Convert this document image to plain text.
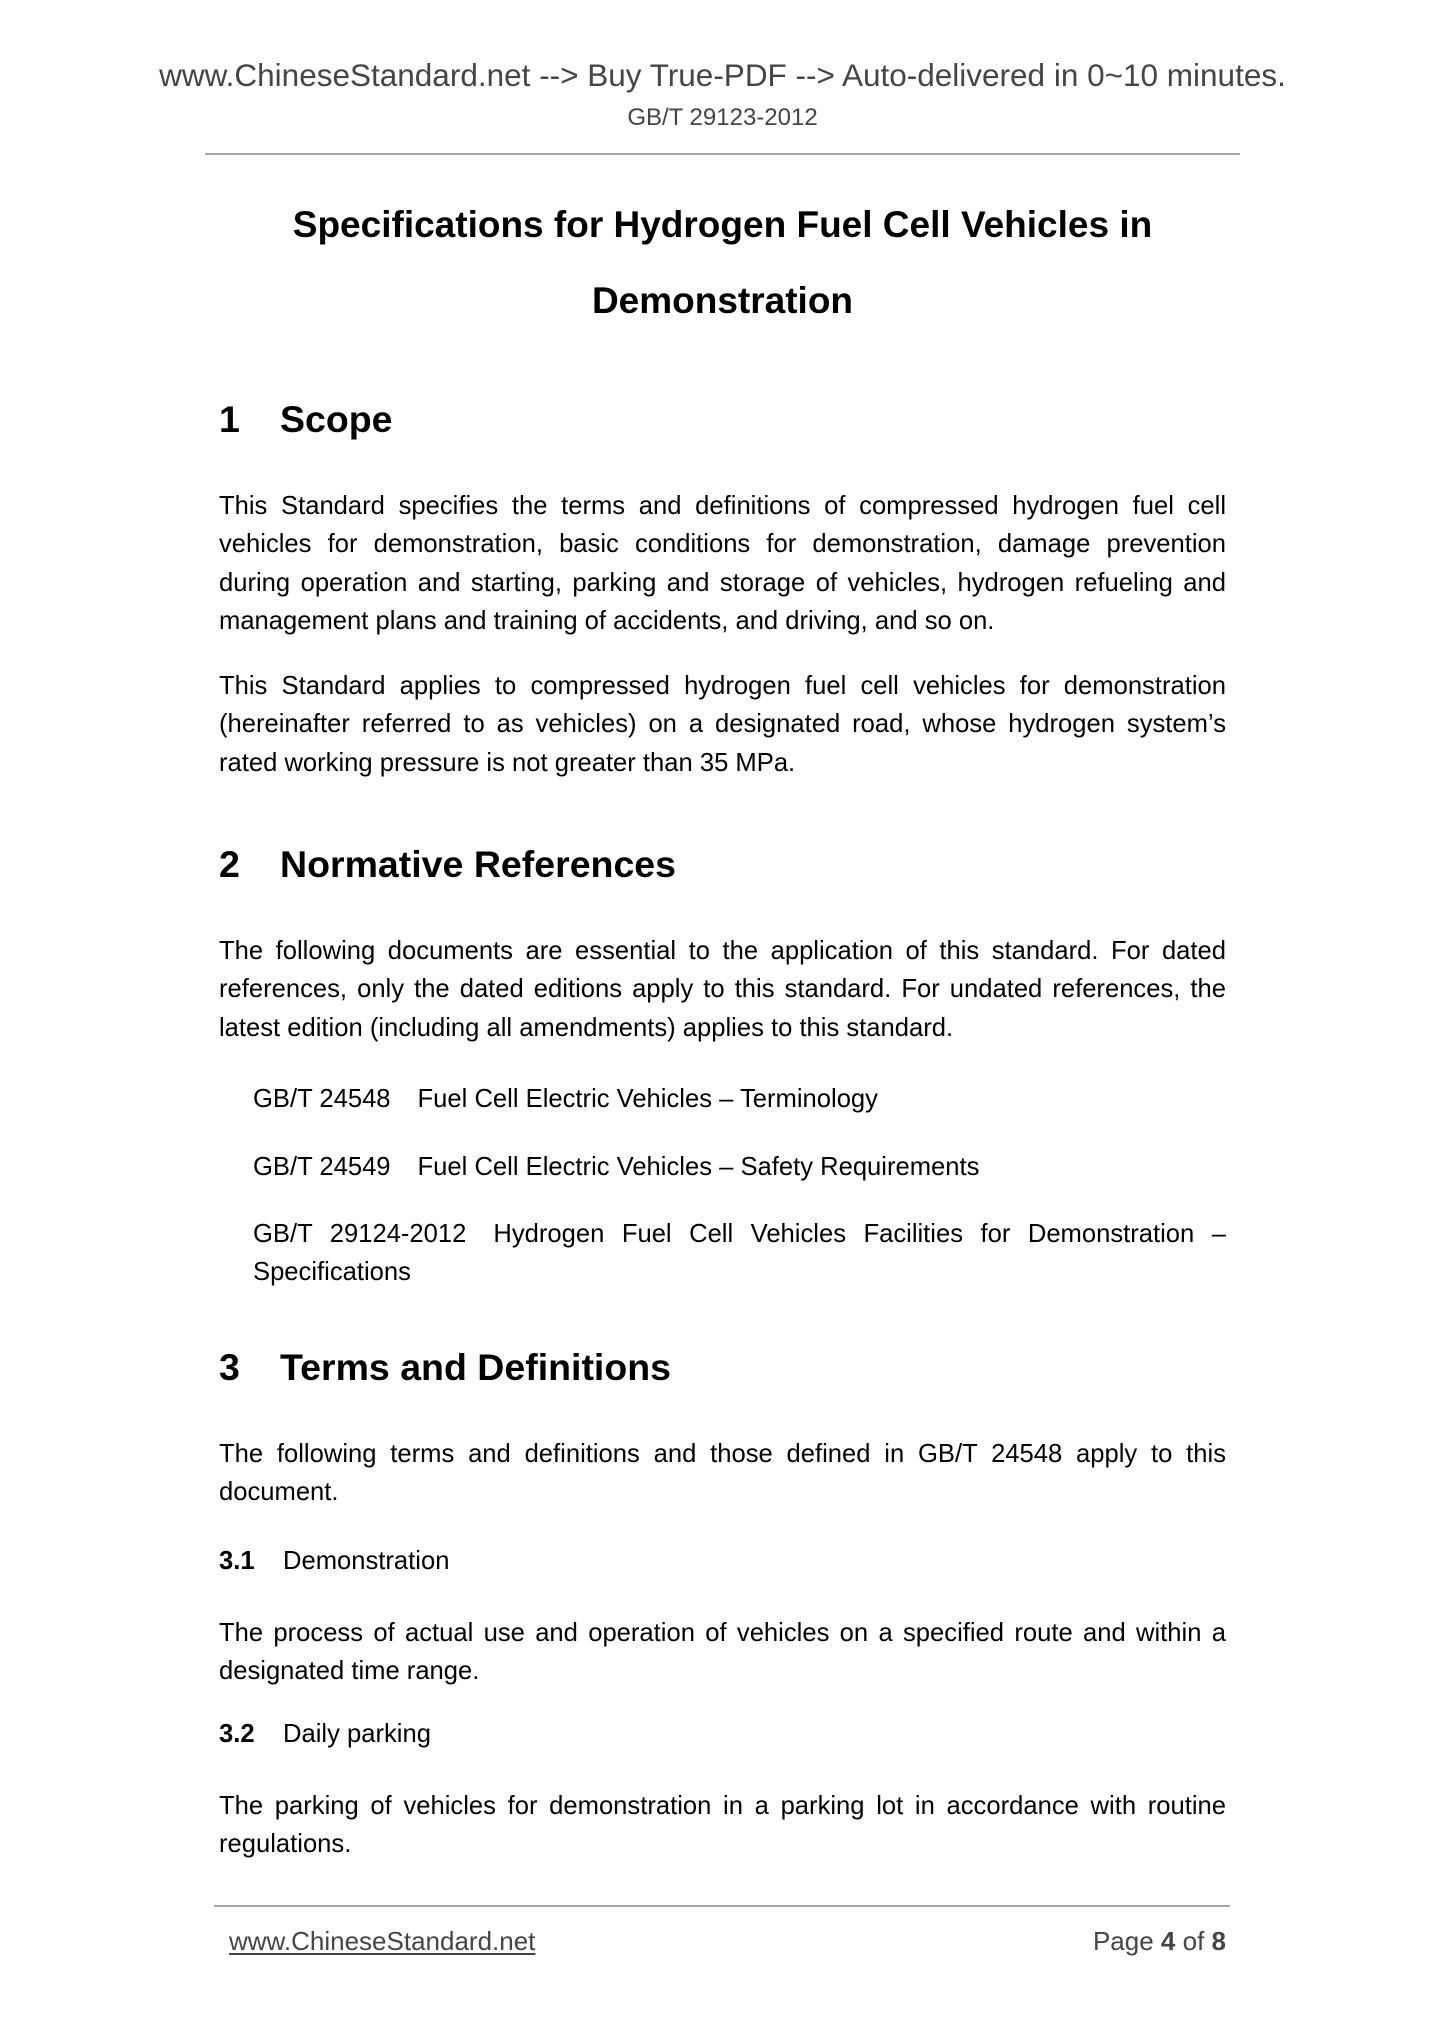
www.ChineseStandard.net --> Buy True-PDF --> Auto-delivered in 0~10 minutes.
GB/T 29123-2012
Specifications for Hydrogen Fuel Cell Vehicles in
Demonstration
1 Scope

This Standard specifies the terms and definitions of compressed hydrogen fuel cell vehicles for demonstration, basic conditions for demonstration, damage prevention during operation and starting, parking and storage of vehicles, hydrogen refueling and management plans and training of accidents, and driving, and so on.

This Standard applies to compressed hydrogen fuel cell vehicles for demonstration (hereinafter referred to as vehicles) on a designated road, whose hydrogen system’s rated working pressure is not greater than 35 MPa.

2 Normative References

The following documents are essential to the application of this standard. For dated references, only the dated editions apply to this standard. For undated references, the latest edition (including all amendments) applies to this standard.

GB/T 24548 Fuel Cell Electric Vehicles – Terminology
GB/T 24549 Fuel Cell Electric Vehicles – Safety Requirements
GB/T 29124-2012 Hydrogen Fuel Cell Vehicles Facilities for Demonstration – Specifications
3 Terms and Definitions

The following terms and definitions and those defined in GB/T 24548 apply to this document.

3.1 Demonstration

The process of actual use and operation of vehicles on a specified route and within a designated time range.

3.2 Daily parking

The parking of vehicles for demonstration in a parking lot in accordance with routine regulations.

www.ChineseStandard.net	Page 4 of 8
